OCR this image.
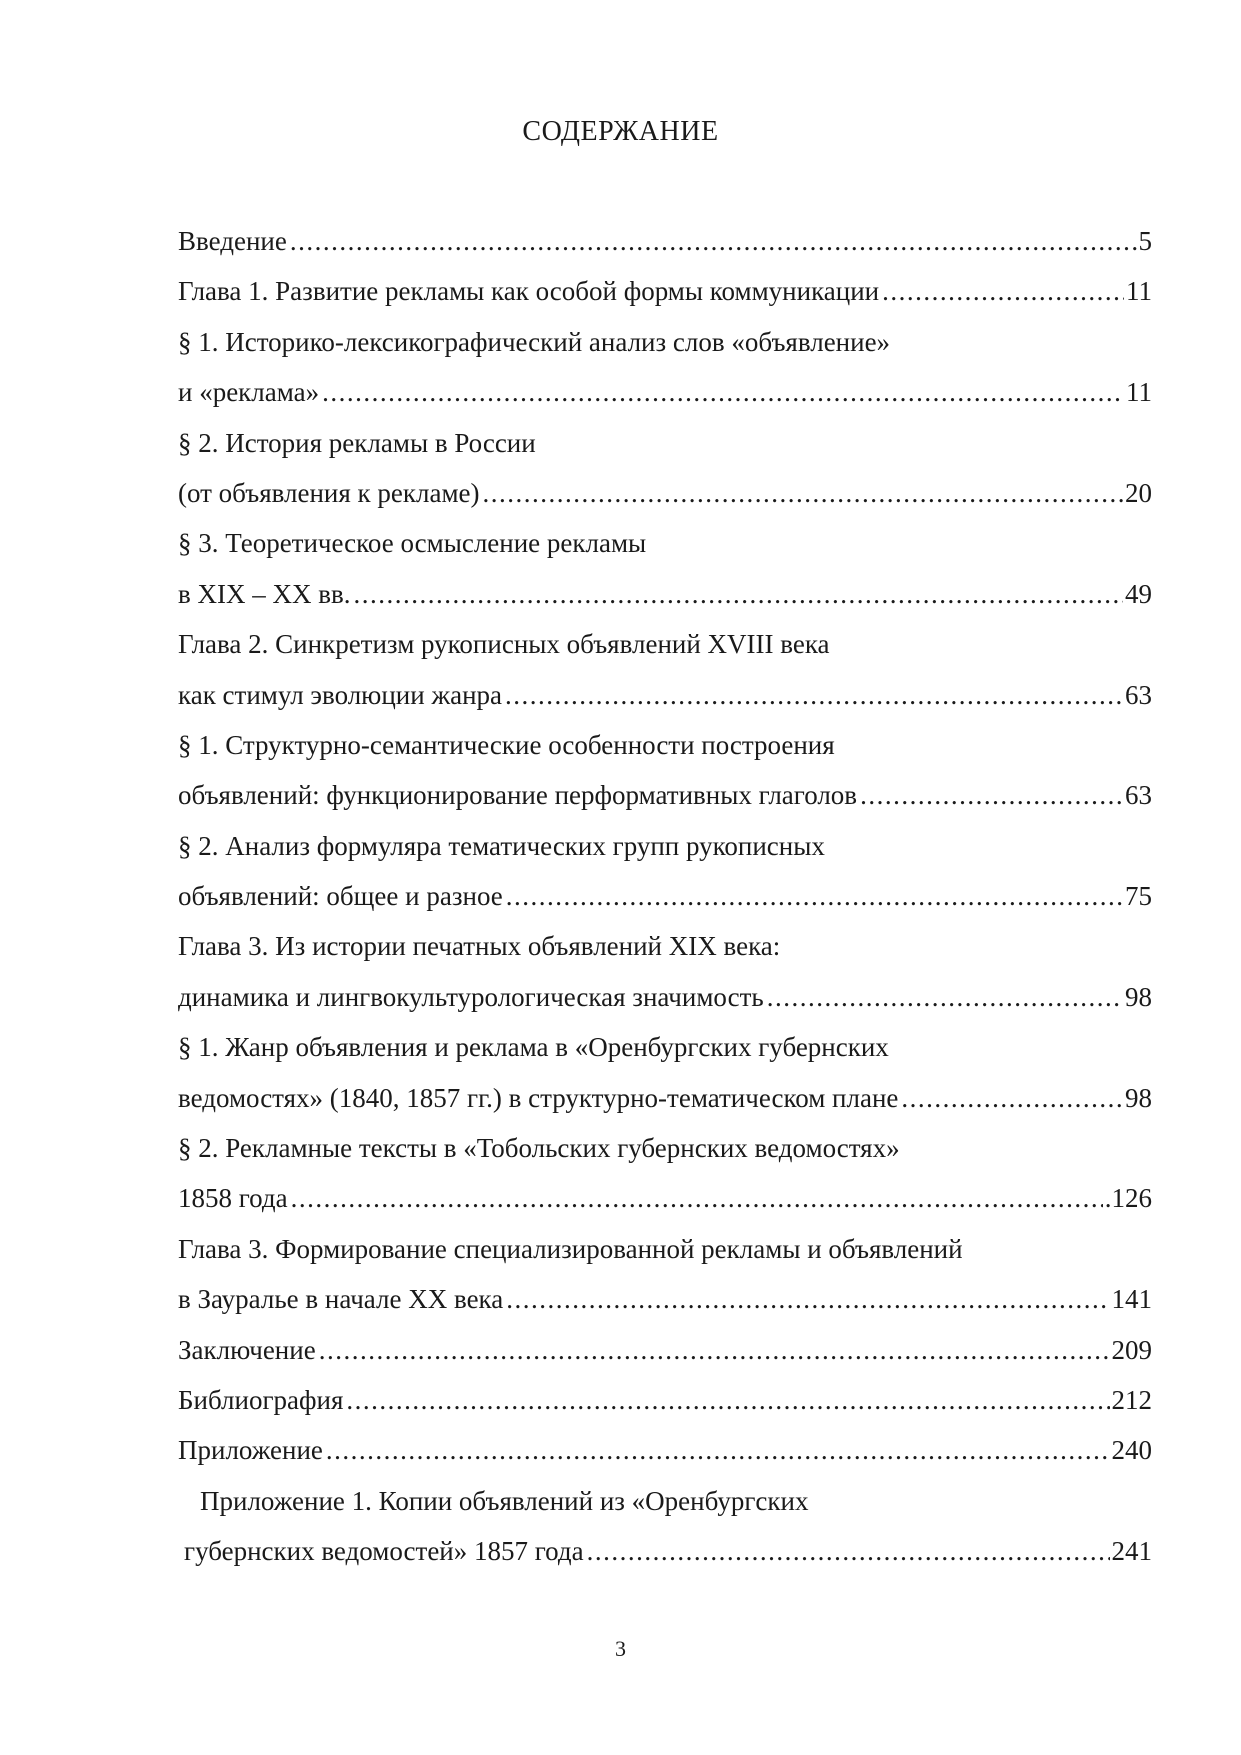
СОДЕРЖАНИЕ
Введение .....	5
Глава 1. Развитие рекламы как особой формы коммуникации .....	11
§ 1. Историко-лексикографический анализ слов «объявление»
и «реклама» .....	11
§ 2. История рекламы в России
(от объявления к рекламе) .....	20
§ 3. Теоретическое осмысление рекламы
в XIX – XX вв. .....	49
Глава 2. Синкретизм рукописных объявлений XVIII века
как стимул эволюции жанра .....	63
§ 1. Структурно-семантические особенности построения
объявлений: функционирование перформативных глаголов .....	63
§ 2. Анализ формуляра тематических групп рукописных
объявлений: общее и разное .....	75
Глава 3. Из истории печатных объявлений XIX века:
динамика и лингвокультурологическая значимость .....	98
§ 1. Жанр объявления и реклама в «Оренбургских губернских
ведомостях» (1840, 1857 гг.) в структурно-тематическом плане .....	98
§ 2. Рекламные тексты в «Тобольских губернских ведомостях»
1858 года .....	.126
Глава 3. Формирование специализированной рекламы и объявлений
в Зауралье в начале XX века .....	141
Заключение .....	209
Библиография .....	212
Приложение .....	240
Приложение 1. Копии объявлений из «Оренбургских
губернских ведомостей» 1857 года .....	241
3
